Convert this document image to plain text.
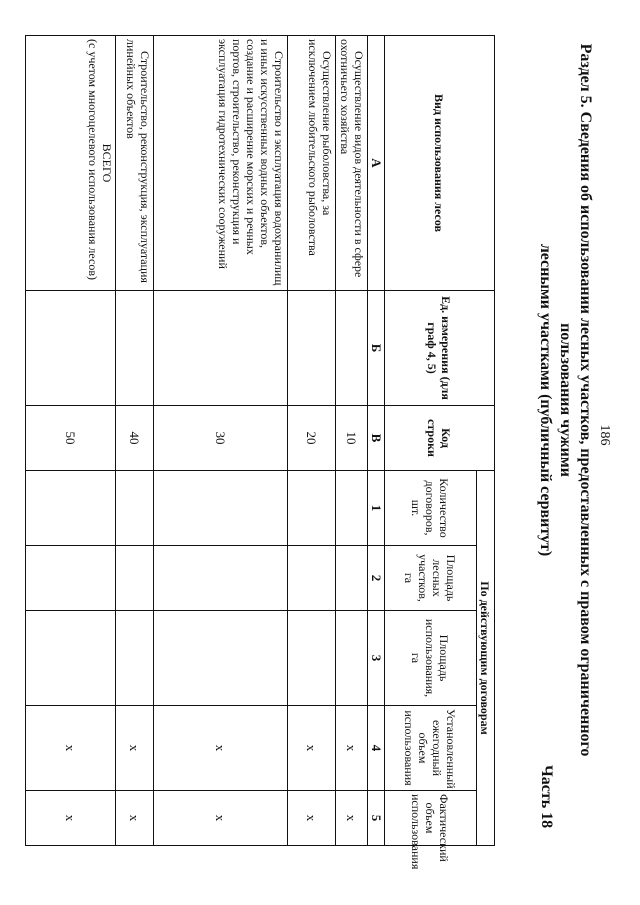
186
Часть 18
Раздел 5. Сведения об использовании лесных участков, предоставленных с правом ограниченного пользования чужими
лесными участками (публичный сервитут)
Вид использования лесов	Ед. измерения (для граф 4, 5)	Код строки	По действующим договорам				
			Количество договоров, шт.	Площадь лесных участков, га	Площадь использования, га	Установленный ежегодный объем использования	Фактический объем использования
А	Б	В	1	2	3	4	5
Осуществление видов деятельности в сфере охотничьего хозяйства		10				x	x
Осуществление рыболовства, за исключением любительского рыболовства		20				x	x
Строительство и эксплуатация водохранилищ и иных искусственных водных объектов, создание и расширение морских и речных портов, строительство, реконструкция и эксплуатация гидротехнических сооружений		30				x	x
Строительство, реконструкция, эксплуатация линейных объектов		40				x	x

ВСЕГО
(с учетом многоцелевого использования лесов)		50				x	x
